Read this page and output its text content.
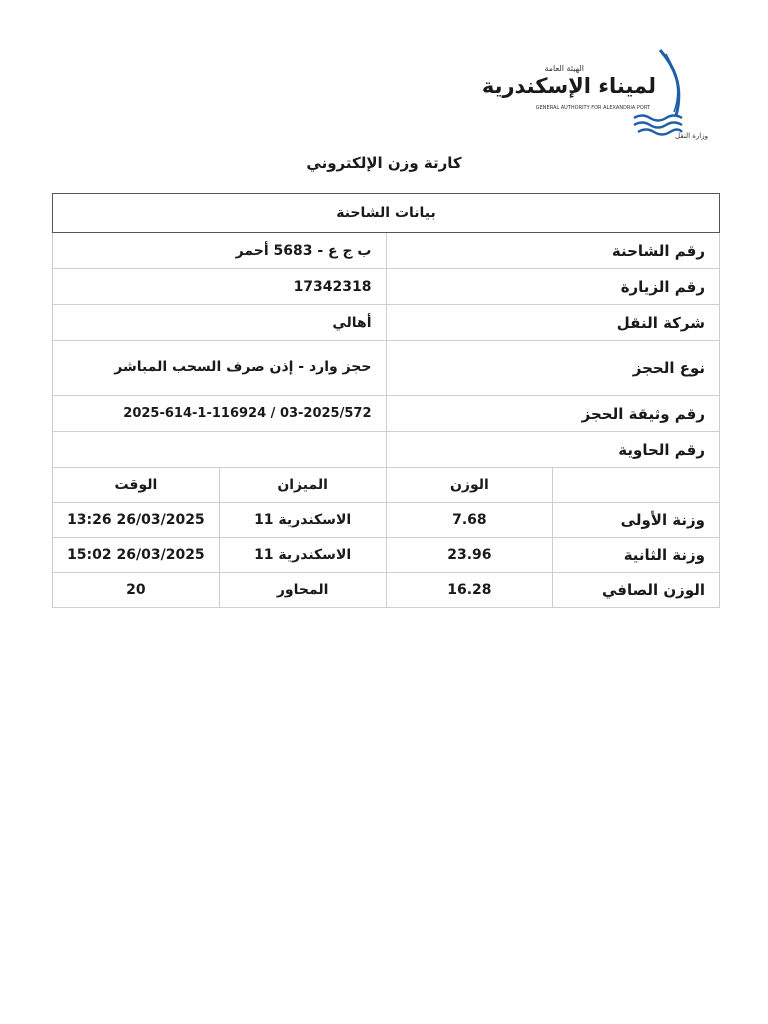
الهيئة العامة
لميناء الإسكندرية
GENERAL AUTHORITY FOR ALEXANDRIA PORT
وزارة النقل
كارتة وزن الإلكتروني
بيانات الشاحنة	
رقم الشاحنة	ب ج ع - 5683 أحمر
رقم الزيارة	17342318
شركة النقل	أهالي
نوع الحجز	حجز وارد - إذن صرف السحب المباشر
رقم وثيقة الحجز	03-2025/572 / 2025-614-1-116924
رقم الحاوية	
	الوزن	الميزان	الوقت
وزنة الأولى	7.68	الاسكندرية 11	26/03/2025 13:26
وزنة الثانية	23.96	الاسكندرية 11	26/03/2025 15:02
الوزن الصافي	16.28	المحاور	20
